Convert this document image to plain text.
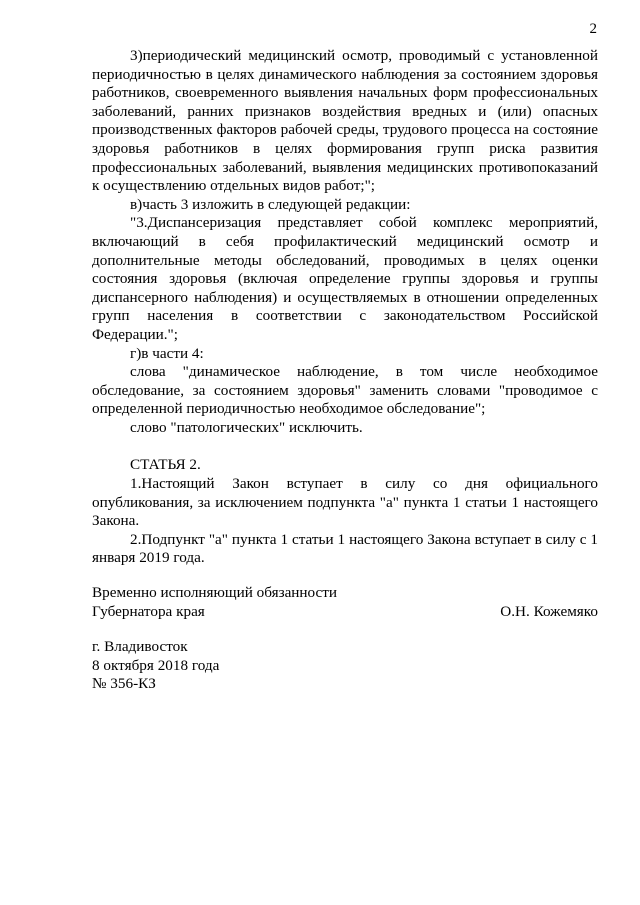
2

3)периодический медицинский осмотр, проводимый с установленной периодичностью в целях динамического наблюдения за состоянием здоровья работников, своевременного выявления начальных форм профессиональных заболеваний, ранних признаков воздействия вредных и (или) опасных производственных факторов рабочей среды, трудового процесса на состояние здоровья работников в целях формирования групп риска развития профессиональных заболеваний, выявления медицинских противопоказаний к осуществлению отдельных видов работ;";

в)часть 3 изложить в следующей редакции:

"3.Диспансеризация представляет собой комплекс мероприятий, включающий в себя профилактический медицинский осмотр и дополнительные методы обследований, проводимых в целях оценки состояния здоровья (включая определение группы здоровья и группы диспансерного наблюдения) и осуществляемых в отношении определенных групп населения в соответствии с законодательством Российской Федерации.";

г)в части 4:

слова "динамическое наблюдение, в том числе необходимое обследование, за состоянием здоровья" заменить словами "проводимое с определенной периодичностью необходимое обследование";

слово "патологических" исключить.

СТАТЬЯ 2.

1.Настоящий Закон вступает в силу со дня официального опубликования, за исключением подпункта "а" пункта 1 статьи 1 настоящего Закона.

2.Подпункт "а" пункта 1 статьи 1 настоящего Закона вступает в силу с 1 января 2019 года.

Временно исполняющий обязанности

Губернатора края	О.Н. Кожемяко

г. Владивосток

8 октября 2018 года

№ 356-КЗ
